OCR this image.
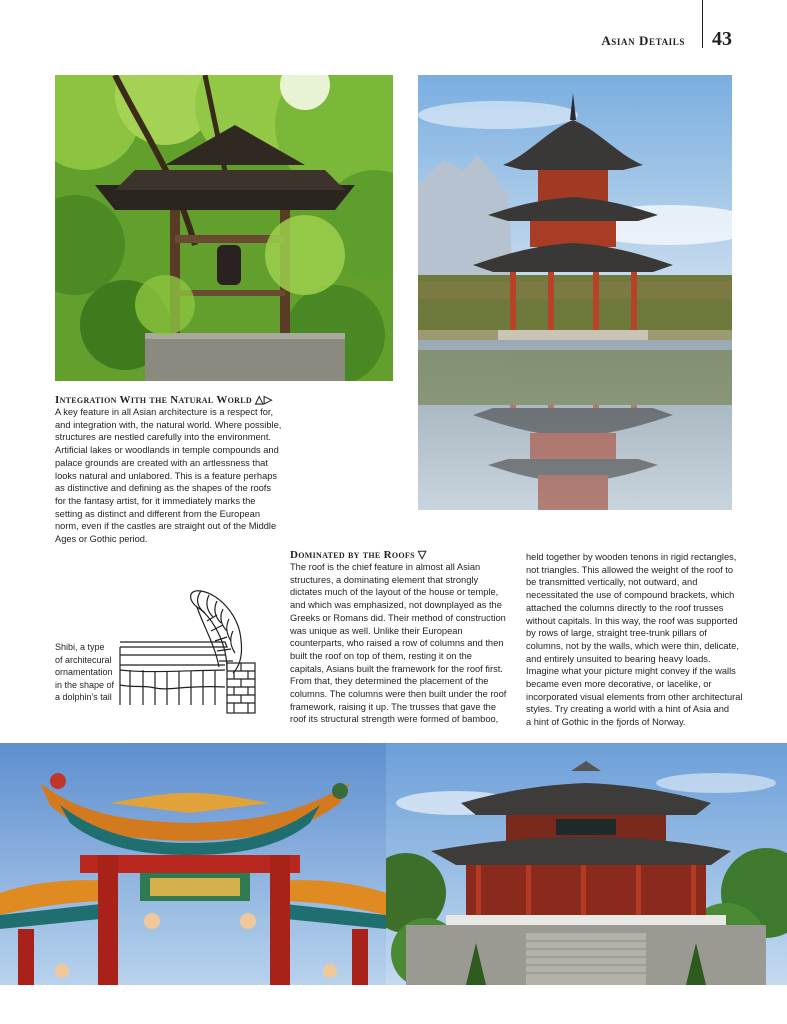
Asian Details 43
Integration With the Natural World △▷
A key feature in all Asian architecture is a respect for,
and integration with, the natural world. Where possible,
structures are nestled carefully into the environment.
Artificial lakes or woodlands in temple compounds and
palace grounds are created with an artlessness that
looks natural and unlabored. This is a feature perhaps
as distinctive and defining as the shapes of the roofs
for the fantasy artist, for it immediately marks the
setting as distinct and different from the European
norm, even if the castles are straight out of the Middle
Ages or Gothic period.
Shibi, a type
of architecural
ornamentation
in the shape of
a dolphin's tail
Dominated by the Roofs ▽
The roof is the chief feature in almost all Asian
structures, a dominating element that strongly
dictates much of the layout of the house or temple,
and which was emphasized, not downplayed as the
Greeks or Romans did. Their method of construction
was unique as well. Unlike their European
counterparts, who raised a row of columns and then
built the roof on top of them, resting it on the
capitals, Asians built the framework for the roof first.
From that, they determined the placement of the
columns. The columns were then built under the roof
framework, raising it up. The trusses that gave the
roof its structural strength were formed of bamboo,
held together by wooden tenons in rigid rectangles,
not triangles. This allowed the weight of the roof to
be transmitted vertically, not outward, and
necessitated the use of compound brackets, which
attached the columns directly to the roof trusses
without capitals. In this way, the roof was supported
by rows of large, straight tree-trunk pillars of
columns, not by the walls, which were thin, delicate,
and entirely unsuited to bearing heavy loads.
Imagine what your picture might convey if the walls
became even more decorative, or lacelike, or
incorporated visual elements from other architectural
styles. Try creating a world with a hint of Asia and
a hint of Gothic in the fjords of Norway.
